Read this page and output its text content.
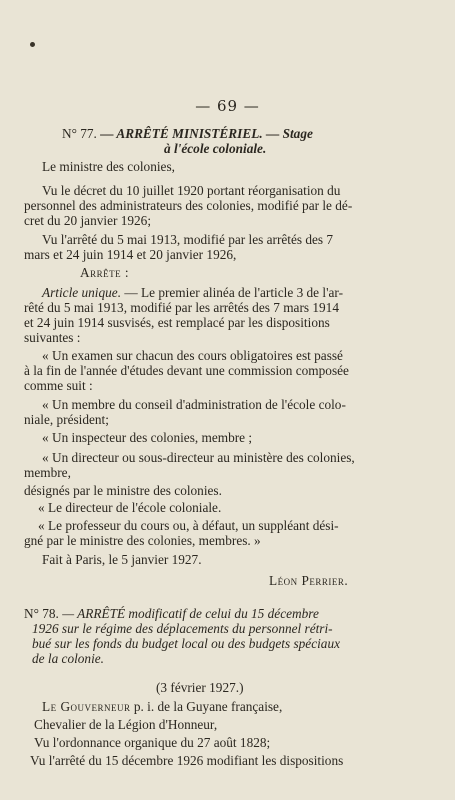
— 69 —
N° 77. — ARRÊTÉ MINISTÉRIEL. — Stage
à l'école coloniale.
Le ministre des colonies,
Vu le décret du 10 juillet 1920 portant réorganisation du
personnel des administrateurs des colonies, modifié par le dé-
cret du 20 janvier 1926;
Vu l'arrêté du 5 mai 1913, modifié par les arrêtés des 7
mars et 24 juin 1914 et 20 janvier 1926,
Arrête :
Article unique. — Le premier alinéa de l'article 3 de l'ar-
rêté du 5 mai 1913, modifié par les arrêtés des 7 mars 1914
et 24 juin 1914 susvisés, est remplacé par les dispositions
suivantes :
« Un examen sur chacun des cours obligatoires est passé
à la fin de l'année d'études devant une commission composée
comme suit :
« Un membre du conseil d'administration de l'école colo-
niale, président;
« Un inspecteur des colonies, membre ;
« Un directeur ou sous-directeur au ministère des colonies,
membre,
désignés par le ministre des colonies.
« Le directeur de l'école coloniale.
« Le professeur du cours ou, à défaut, un suppléant dési-
gné par le ministre des colonies, membres. »
Fait à Paris, le 5 janvier 1927.
Léon Perrier.
N° 78. — ARRÊTÉ modificatif de celui du 15 décembre
1926 sur le régime des déplacements du personnel rétri-
bué sur les fonds du budget local ou des budgets spéciaux
de la colonie.
(3 février 1927.)
Le Gouverneur p. i. de la Guyane française,
Chevalier de la Légion d'Honneur,
Vu l'ordonnance organique du 27 août 1828;
Vu l'arrêté du 15 décembre 1926 modifiant les dispositions
